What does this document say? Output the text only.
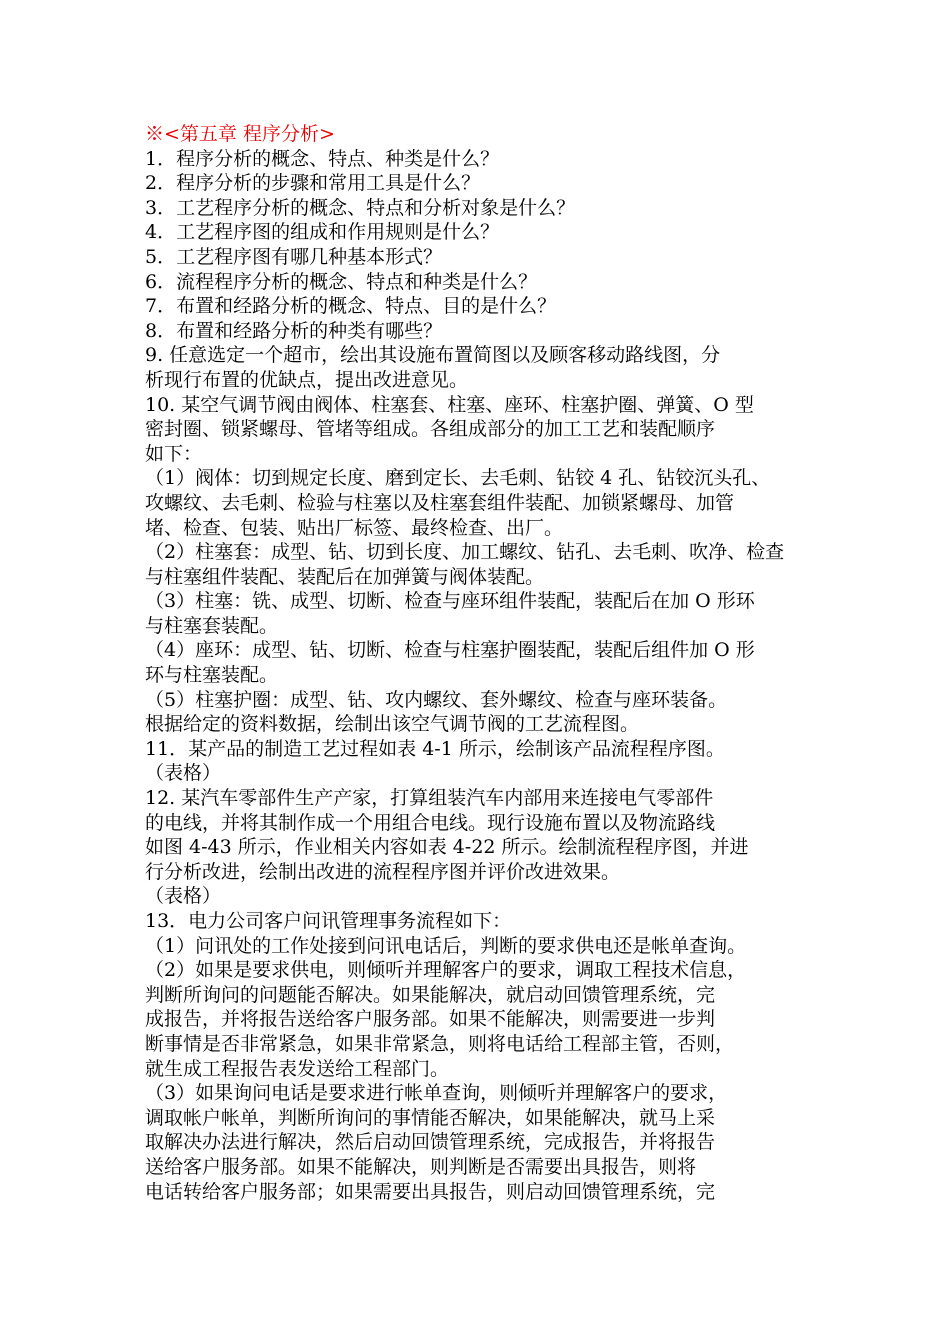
※<第五章 程序分析>
1．程序分析的概念、特点、种类是什么？
2．程序分析的步骤和常用工具是什么？
3．工艺程序分析的概念、特点和分析对象是什么？
4．工艺程序图的组成和作用规则是什么？
5．工艺程序图有哪几种基本形式？
6．流程程序分析的概念、特点和种类是什么？
7．布置和经路分析的概念、特点、目的是什么？
8．布置和经路分析的种类有哪些？
9. 任意选定一个超市，绘出其设施布置简图以及顾客移动路线图，分
析现行布置的优缺点，提出改进意见。
10. 某空气调节阀由阀体、柱塞套、柱塞、座环、柱塞护圈、弹簧、O 型
密封圈、锁紧螺母、管堵等组成。各组成部分的加工工艺和装配顺序
如下：
（1）阀体：切到规定长度、磨到定长、去毛刺、钻铰 4 孔、钻铰沉头孔、
攻螺纹、去毛刺、检验与柱塞以及柱塞套组件装配、加锁紧螺母、加管
堵、检查、包装、贴出厂标签、最终检查、出厂。
（2）柱塞套：成型、钻、切到长度、加工螺纹、钻孔、去毛刺、吹净、检查
与柱塞组件装配、装配后在加弹簧与阀体装配。
（3）柱塞：铣、成型、切断、检查与座环组件装配，装配后在加 O 形环
与柱塞套装配。
（4）座环：成型、钻、切断、检查与柱塞护圈装配，装配后组件加 O 形
环与柱塞装配。
（5）柱塞护圈：成型、钻、攻内螺纹、套外螺纹、检查与座环装备。
根据给定的资料数据，绘制出该空气调节阀的工艺流程图。
11．某产品的制造工艺过程如表 4-1 所示，绘制该产品流程程序图。
（表格）
12. 某汽车零部件生产产家，打算组装汽车内部用来连接电气零部件
的电线，并将其制作成一个用组合电线。现行设施布置以及物流路线
如图 4-43 所示，作业相关内容如表 4-22 所示。绘制流程程序图，并进
行分析改进，绘制出改进的流程程序图并评价改进效果。
（表格）
13．电力公司客户问讯管理事务流程如下：
（1）问讯处的工作处接到问讯电话后，判断的要求供电还是帐单查询。
（2）如果是要求供电，则倾听并理解客户的要求，调取工程技术信息，
判断所询问的问题能否解决。如果能解决，就启动回馈管理系统，完
成报告，并将报告送给客户服务部。如果不能解决，则需要进一步判
断事情是否非常紧急，如果非常紧急，则将电话给工程部主管，否则，
就生成工程报告表发送给工程部门。
（3）如果询问电话是要求进行帐单查询，则倾听并理解客户的要求，
调取帐户帐单，判断所询问的事情能否解决，如果能解决，就马上采
取解决办法进行解决，然后启动回馈管理系统，完成报告，并将报告
送给客户服务部。如果不能解决，则判断是否需要出具报告，则将
电话转给客户服务部；如果需要出具报告，则启动回馈管理系统，完
